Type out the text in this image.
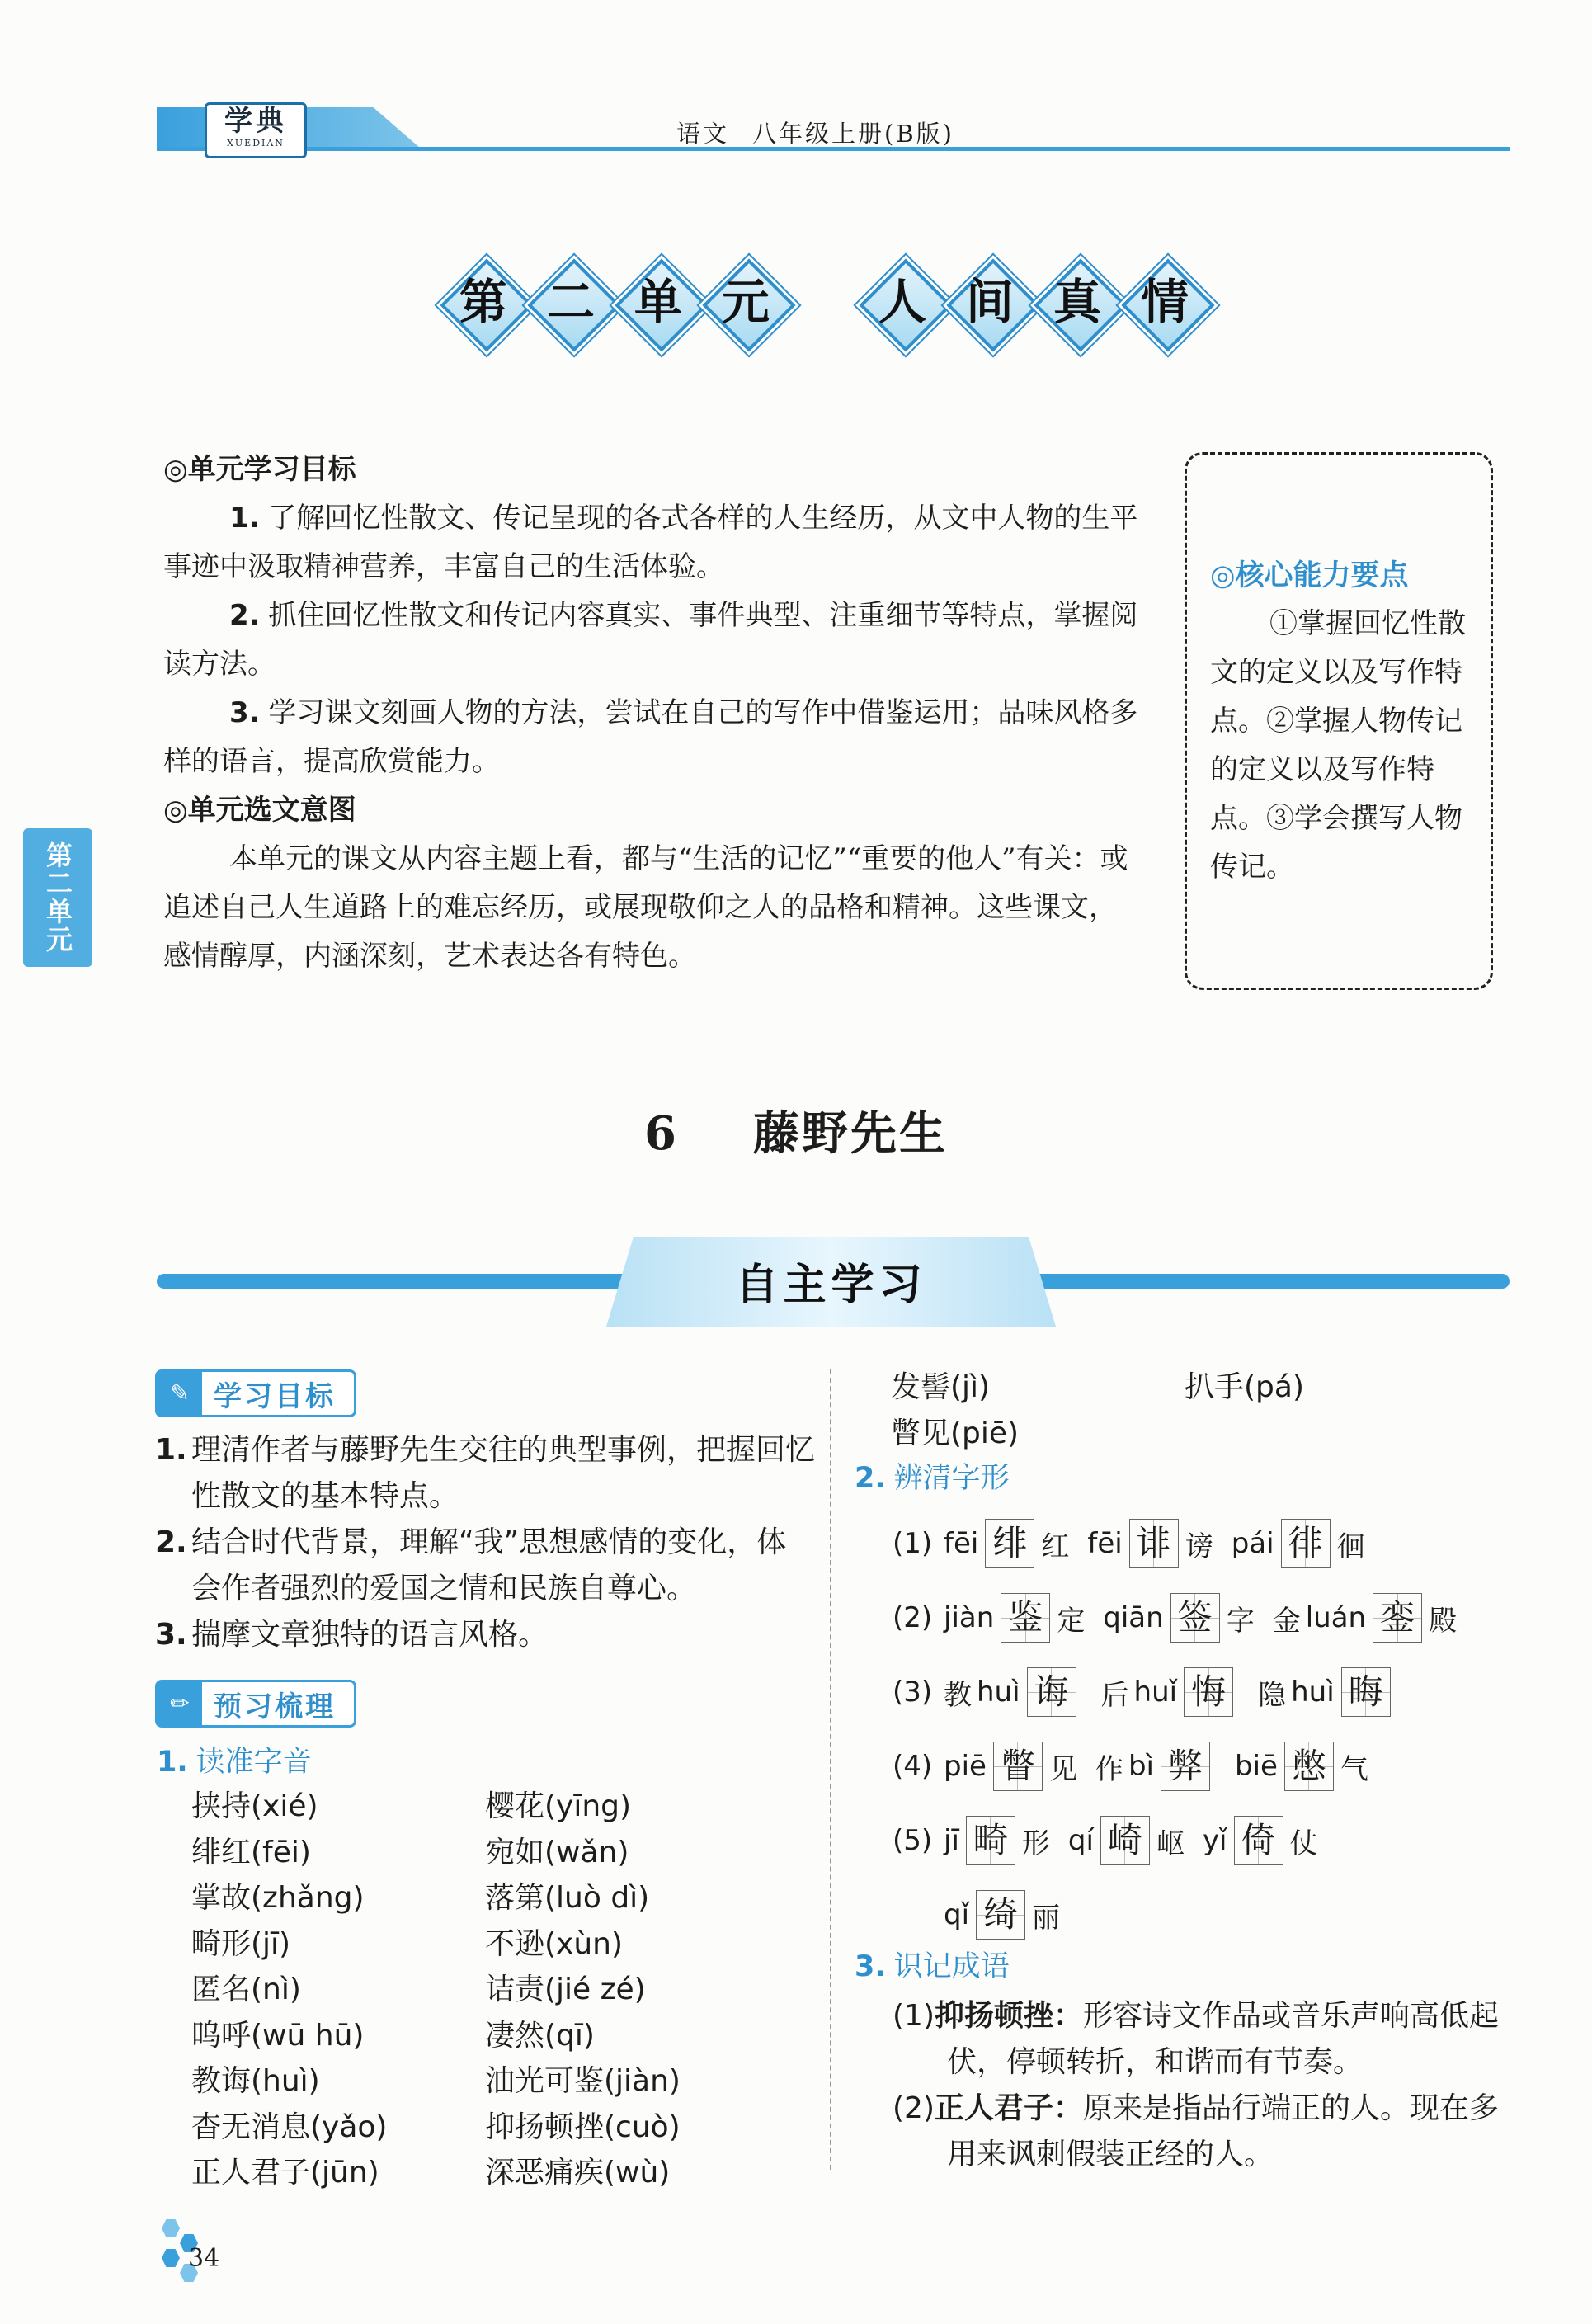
学典
XUEDIAN	语文 八年级上册(B版)
第 二 单 元 人 间 真 情
◎单元学习目标

1. 了解回忆性散文、传记呈现的各式各样的人生经历，从文中人物的生平事迹中汲取精神营养，丰富自己的生活体验。

2. 抓住回忆性散文和传记内容真实、事件典型、注重细节等特点，掌握阅读方法。

3. 学习课文刻画人物的方法，尝试在自己的写作中借鉴运用；品味风格多样的语言，提高欣赏能力。

◎单元选文意图

本单元的课文从内容主题上看，都与“生活的记忆”“重要的他人”有关：或追述自己人生道路上的难忘经历，或展现敬仰之人的品格和精神。这些课文，感情醇厚，内涵深刻，艺术表达各有特色。

◎核心能力要点

①掌握回忆性散文的定义以及写作特点。②掌握人物传记的定义以及写作特点。③学会撰写人物传记。

第二单元
6 藤野先生
自主学习
✎ 学习目标
1. 理清作者与藤野先生交往的典型事例，把握回忆性散文的基本特点。
2. 结合时代背景，理解“我”思想感情的变化，体会作者强烈的爱国之情和民族自尊心。
3. 揣摩文章独特的语言风格。
✏ 预习梳理
1. 读准字音
挟持(xié)
绯红(fēi)
掌故(zhǎng)
畸形(jī)
匿名(nì)
呜呼(wū hū)
教诲(huì)
杳无消息(yǎo)
正人君子(jūn)
樱花(yīng)
宛如(wǎn)
落第(luò dì)
不逊(xùn)
诘责(jié zé)
凄然(qī)
油光可鉴(jiàn)
抑扬顿挫(cuò)
深恶痛疾(wù)
发髻(jì)
瞥见(piē)
扒手(pá)
2. 辨清字形
(1) fēi 绯 红 fēi 诽 谤 pái 徘 徊
(2) jiàn 鉴 定 qiān 签 字 金 luán 銮 殿
(3) 教 huì 诲 后 huǐ 悔 隐 huì 晦
(4) piē 瞥 见 作 bì 弊 biē 憋 气
(5) jī 畸 形 qí 崎 岖 yǐ 倚 仗
qǐ 绮 丽
3. 识记成语
(1)抑扬顿挫：形容诗文作品或音乐声响高低起伏，停顿转折，和谐而有节奏。
(2)正人君子：原来是指品行端正的人。现在多用来讽刺假装正经的人。
34
